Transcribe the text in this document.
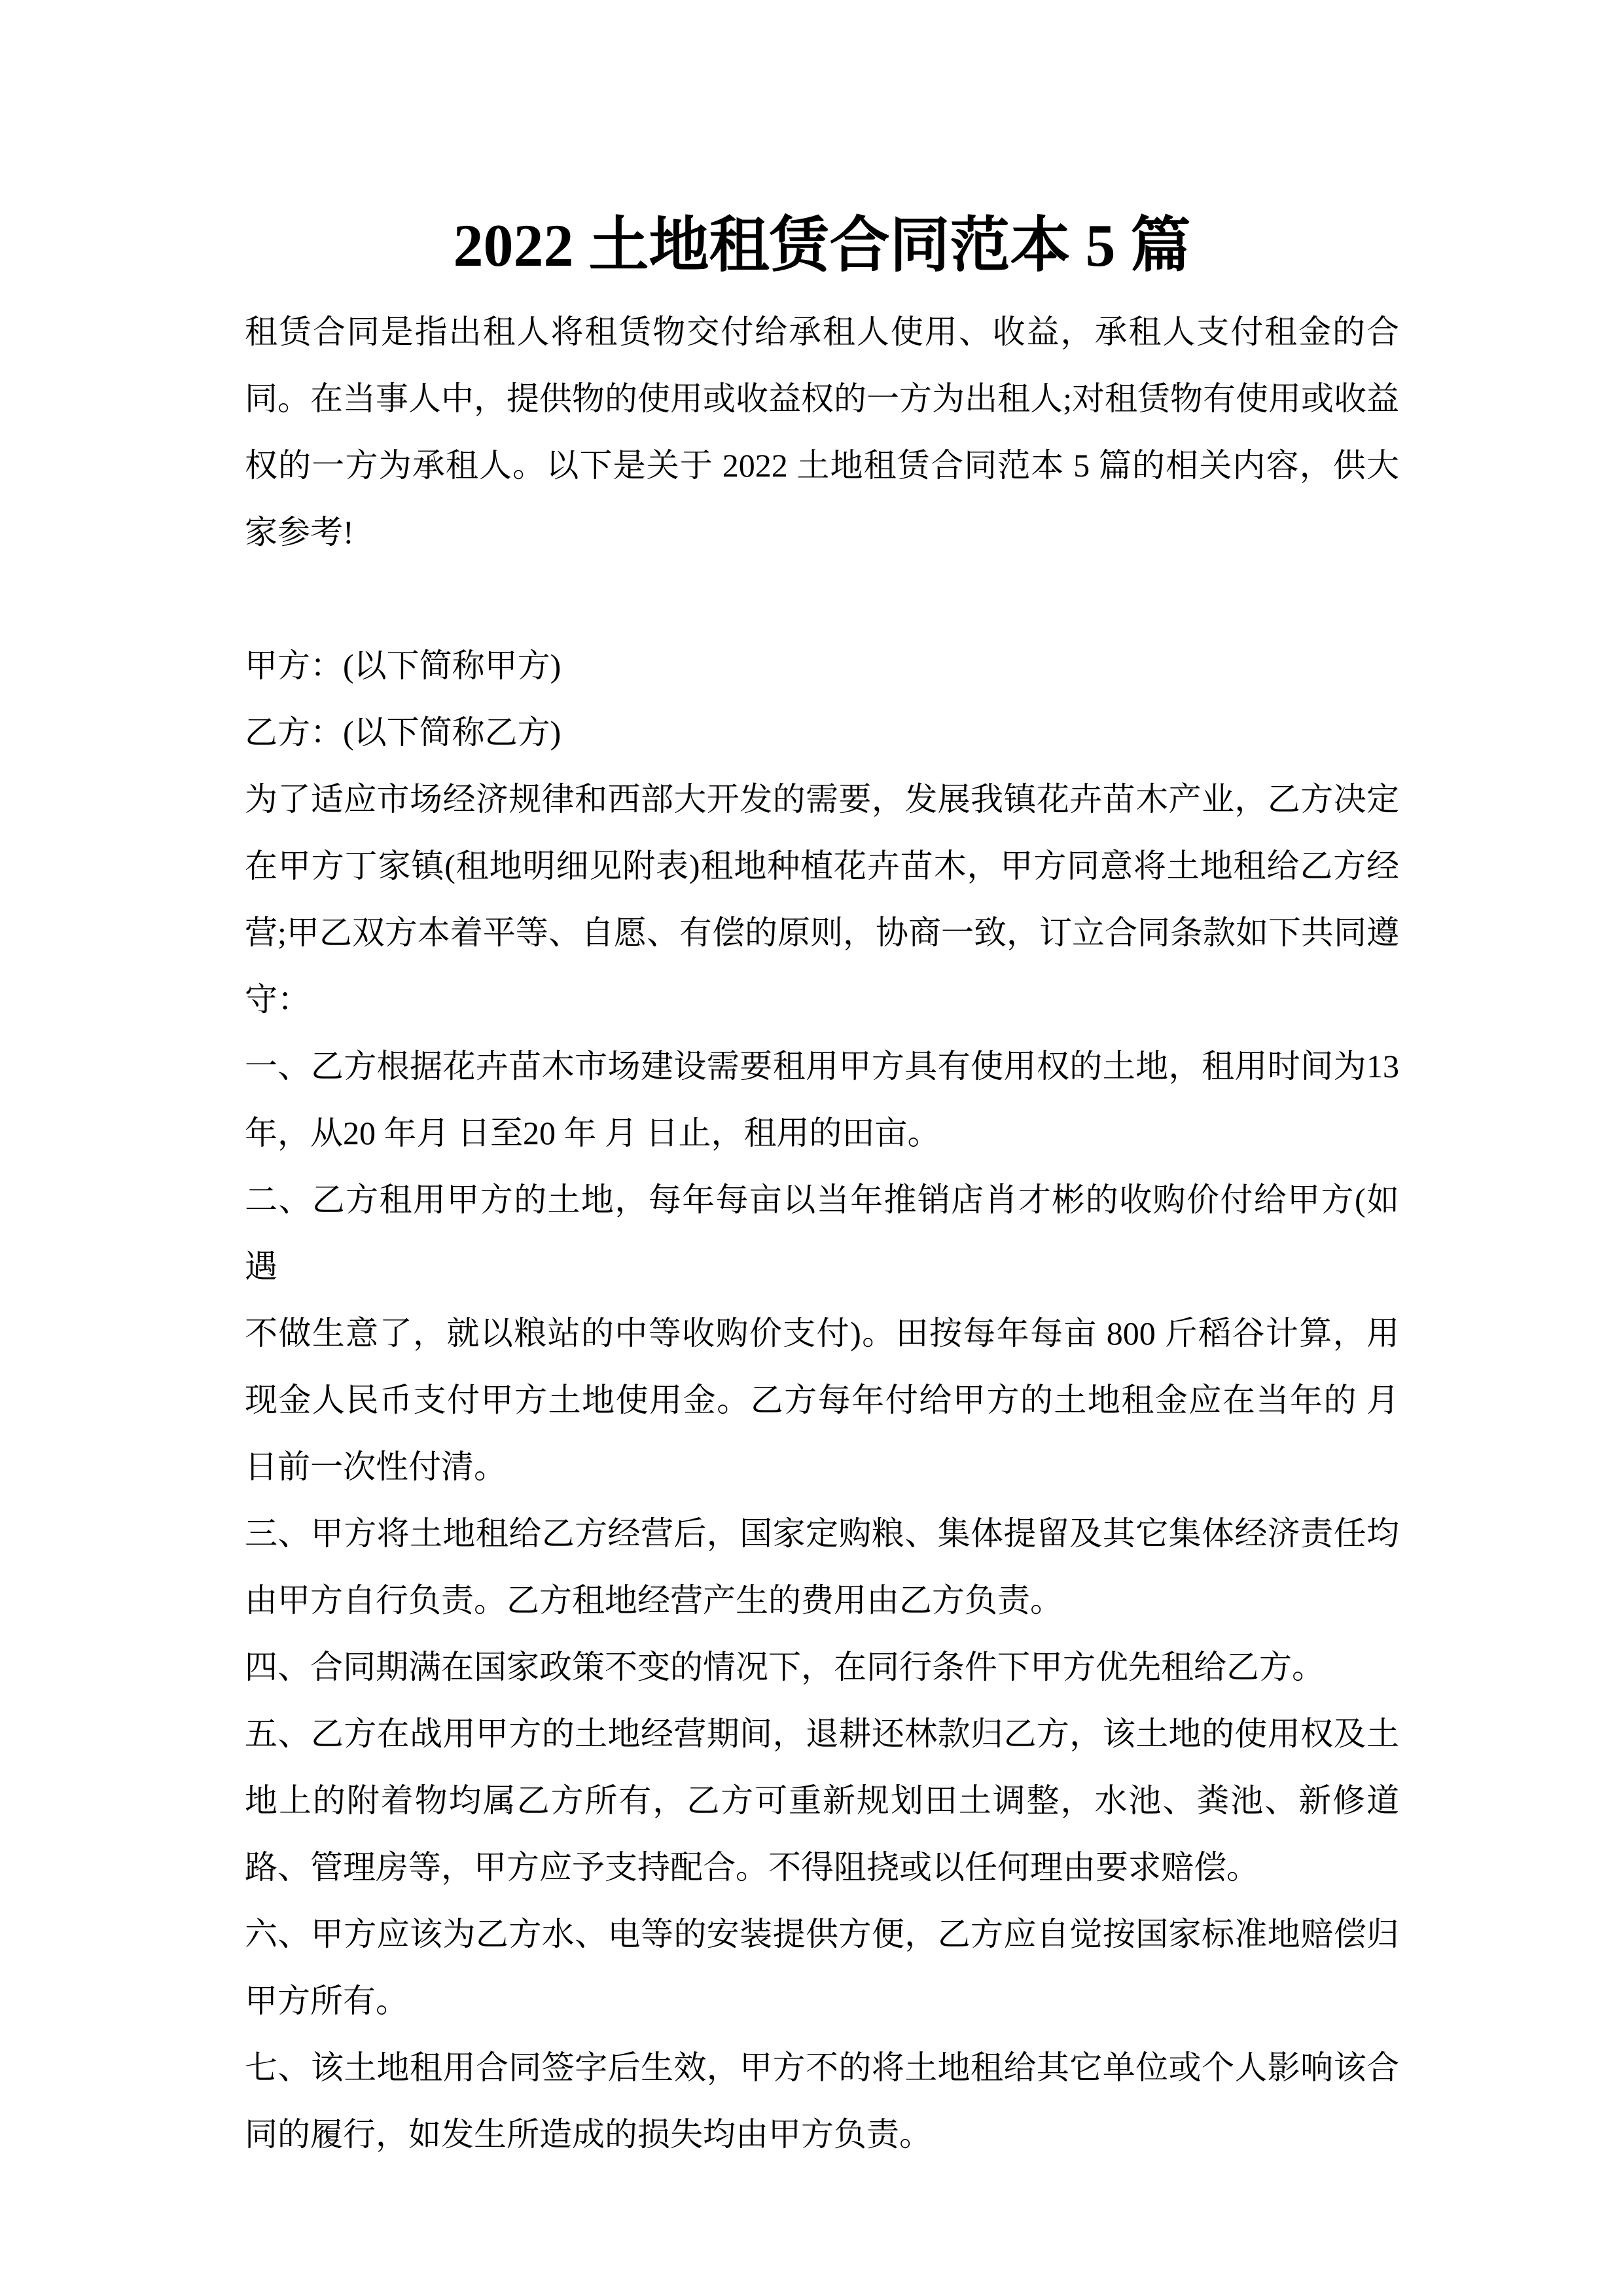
2022 土地租赁合同范本 5 篇

租赁合同是指出租人将租赁物交付给承租人使用、收益，承租人支付租金的合同。在当事人中，提供物的使用或收益权的一方为出租人;对租赁物有使用或收益权的一方为承租人。以下是关于 2022 土地租赁合同范本 5 篇的相关内容，供大家参考!

甲方：(以下简称甲方)

乙方：(以下简称乙方)

为了适应市场经济规律和西部大开发的需要，发展我镇花卉苗木产业，乙方决定在甲方丁家镇(租地明细见附表)租地种植花卉苗木，甲方同意将土地租给乙方经营;甲乙双方本着平等、自愿、有偿的原则，协商一致，订立合同条款如下共同遵守：

一、乙方根据花卉苗木市场建设需要租用甲方具有使用权的土地，租用时间为13年，从20 年月 日至20 年 月 日止，租用的田亩。

二、乙方租用甲方的土地，每年每亩以当年推销店肖才彬的收购价付给甲方(如遇

不做生意了，就以粮站的中等收购价支付)。田按每年每亩 800 斤稻谷计算，用现金人民币支付甲方土地使用金。乙方每年付给甲方的土地租金应在当年的 月 日前一次性付清。

三、甲方将土地租给乙方经营后，国家定购粮、集体提留及其它集体经济责任均由甲方自行负责。乙方租地经营产生的费用由乙方负责。

四、合同期满在国家政策不变的情况下，在同行条件下甲方优先租给乙方。

五、乙方在战用甲方的土地经营期间，退耕还林款归乙方，该土地的使用权及土地上的附着物均属乙方所有，乙方可重新规划田土调整，水池、粪池、新修道路、管理房等，甲方应予支持配合。不得阻挠或以任何理由要求赔偿。

六、甲方应该为乙方水、电等的安装提供方便，乙方应自觉按国家标准地赔偿归甲方所有。

七、该土地租用合同签字后生效，甲方不的将土地租给其它单位或个人影响该合同的履行，如发生所造成的损失均由甲方负责。
